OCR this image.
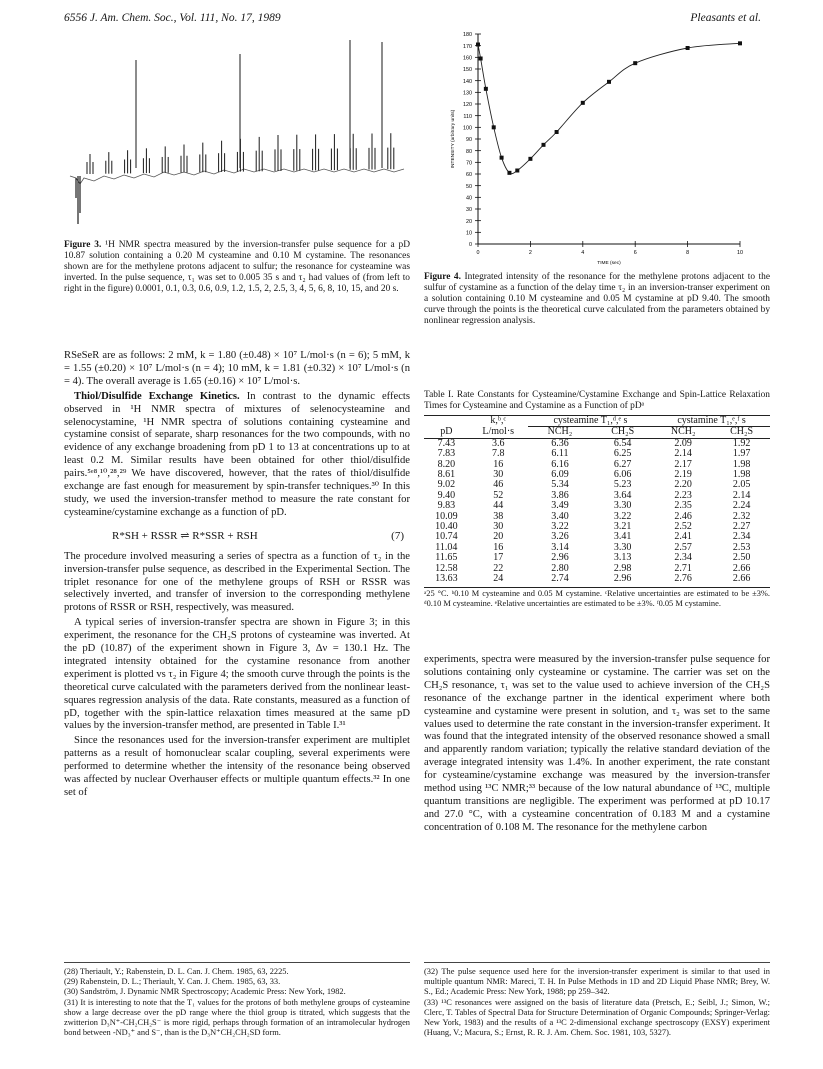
6556 J. Am. Chem. Soc., Vol. 111, No. 17, 1989	Pleasants et al.
Figure 3. ¹H NMR spectra measured by the inversion-transfer pulse sequence for a pD 10.87 solution containing a 0.20 M cysteamine and 0.10 M cystamine. The resonances shown are for the methylene protons adjacent to sulfur; the resonance for cysteamine was inverted. In the pulse sequence, τ₁ was set to 0.005 35 s and τ₂ had values of (from left to right in the figure) 0.0001, 0.1, 0.3, 0.6, 0.9, 1.2, 1.5, 2, 2.5, 3, 4, 5, 6, 8, 10, 15, and 20 s.
0
10
20
30
40
50
60
70
80
90
100
110
120
130
140
150
160
170
180
0	2	4	6	8	10
TIME (sec)
INTENSITY (arbitrary units)
Figure 4. Integrated intensity of the resonance for the methylene protons adjacent to the sulfur of cystamine as a function of the delay time τ₂ in an inversion-transer experiment on a solution containing 0.10 M cysteamine and 0.05 M cystamine at pD 9.40. The smooth curve through the points is the theoretical curve calculated from the parameters obtained by nonlinear regression analysis.

RSeSeR are as follows: 2 mM, k = 1.80 (±0.48) × 10⁷ L/mol·s (n = 6); 5 mM, k = 1.55 (±0.20) × 10⁷ L/mol·s (n = 4); 10 mM, k = 1.81 (±0.32) × 10⁷ L/mol·s (n = 4). The overall average is 1.65 (±0.16) × 10⁷ L/mol·s.

Thiol/Disulfide Exchange Kinetics. In contrast to the dynamic effects observed in ¹H NMR spectra of mixtures of selenocysteamine and selenocystamine, ¹H NMR spectra of solutions containing cysteamine and cystamine consist of separate, sharp resonances for the two compounds, with no evidence of any exchange broadening from pD 1 to 13 at concentrations up to at least 0.2 M. Similar results have been obtained for other thiol/disulfide pairs.⁵ᵉ⁸,¹⁰,²⁸,²⁹ We have discovered, however, that the rates of thiol/disulfide exchange are fast enough for measurement by spin-transfer techniques.³⁰ In this study, we used the inversion-transfer method to measure the rate constant for cysteamine/cystamine exchange as a function of pD.

R*SH + RSSR ⇌ R*SSR + RSH	(7)

The procedure involved measuring a series of spectra as a function of τ₂ in the inversion-transfer pulse sequence, as described in the Experimental Section. The triplet resonance for one of the methylene groups of RSH or RSSR was selectively inverted, and transfer of inversion to the corresponding methylene protons of RSSR or RSH, respectively, was measured.

A typical series of inversion-transfer spectra are shown in Figure 3; in this experiment, the resonance for the CH₂S protons of cysteamine was inverted. At the pD (10.87) of the experiment shown in Figure 3, Δν = 130.1 Hz. The integrated intensity obtained for the cystamine resonance from another experiment is plotted vs τ₂ in Figure 4; the smooth curve through the points is the theoretical curve calculated with the parameters derived from the nonlinear least-squares regression analysis of the data. Rate constants, measured as a function of pD, together with the spin-lattice relaxation times measured at the same pD values by the inversion-transfer method, are presented in Table I.³¹

Since the resonances used for the inversion-transfer experiment are multiplet patterns as a result of homonuclear scalar coupling, several experiments were performed to determine whether the intensity of the resonance being observed was affected by nuclear Overhauser effects or multiple quantum effects.³² In one set of

Table I. Rate Constants for Cysteamine/Cystamine Exchange and Spin-Lattice Relaxation Times for Cysteamine and Cystamine as a Function of pDᵃ
	k,ᵇ,ᶜ	cysteamine T₁,ᵈ,ᵉ s		cystamine T₁,ᵉ,ᶠ s	
pD	L/mol·s	NCH₂	CH₂S	NCH₂	CH₂S
7.43	3.6	6.36	6.54	2.09	1.92
7.83	7.8	6.11	6.25	2.14	1.97
8.20	16	6.16	6.27	2.17	1.98
8.61	30	6.09	6.06	2.19	1.98
9.02	46	5.34	5.23	2.20	2.05
9.40	52	3.86	3.64	2.23	2.14
9.83	44	3.49	3.30	2.35	2.24
10.09	38	3.40	3.22	2.46	2.32
10.40	30	3.22	3.21	2.52	2.27
10.74	20	3.26	3.41	2.41	2.34
11.04	16	3.14	3.30	2.57	2.53
11.65	17	2.96	3.13	2.34	2.50
12.58	22	2.80	2.98	2.71	2.66
13.63	24	2.74	2.96	2.76	2.66
ᵃ25 °C. ᵇ0.10 M cysteamine and 0.05 M cystamine. ᶜRelative uncertainties are estimated to be ±3%. ᵈ0.10 M cysteamine. ᵉRelative uncertainties are estimated to be ±3%. ᶠ0.05 M cystamine.

experiments, spectra were measured by the inversion-transfer pulse sequence for solutions containing only cysteamine or cystamine. The carrier was set on the CH₂S resonance, τ₁ was set to the value used to achieve inversion of the CH₂S resonance of the exchange partner in the identical experiment where both cysteamine and cystamine were present in solution, and τ₂ was set to the same values used to determine the rate constant in the inversion-transfer experiment. It was found that the integrated intensity of the observed resonance showed a small and apparently random variation; typically the relative standard deviation of the average integrated intensity was 1.4%. In another experiment, the rate constant for cysteamine/cystamine exchange was measured by the inversion-transfer method using ¹³C NMR;³³ because of the low natural abundance of ¹³C, multiple quantum transitions are negligible. The experiment was performed at pD 10.17 and 27.0 °C, with a cysteamine concentration of 0.183 M and a cystamine concentration of 0.108 M. The resonance for the methylene carbon

(28) Theriault, Y.; Rabenstein, D. L. Can. J. Chem. 1985, 63, 2225.
(29) Rabenstein, D. L.; Theriault, Y. Can. J. Chem. 1985, 63, 33.
(30) Sandström, J. Dynamic NMR Spectroscopy; Academic Press: New York, 1982.
(31) It is interesting to note that the T₁ values for the protons of both methylene groups of cysteamine show a large decrease over the pD range where the thiol group is titrated, which suggests that the zwitterion D₃N⁺-CH₂CH₂S⁻ is more rigid, perhaps through formation of an intramolecular hydrogen bond between -ND₃⁺ and S⁻, than is the D₃N⁺CH₂CH₂SD form.
(32) The pulse sequence used here for the inversion-transfer experiment is similar to that used in multiple quantum NMR: Mareci, T. H. In Pulse Methods in 1D and 2D Liquid Phase NMR; Brey, W. S., Ed.; Academic Press: New York, 1988; pp 259–342.
(33) ¹³C resonances were assigned on the basis of literature data (Pretsch, E.; Seibl, J.; Simon, W.; Clerc, T. Tables of Spectral Data for Structure Determination of Organic Compounds; Springer-Verlag: New York, 1983) and the results of a ¹³C 2-dimensional exchange spectroscopy (EXSY) experiment (Huang, V.; Macura, S.; Ernst, R. R. J. Am. Chem. Soc. 1981, 103, 5327).
